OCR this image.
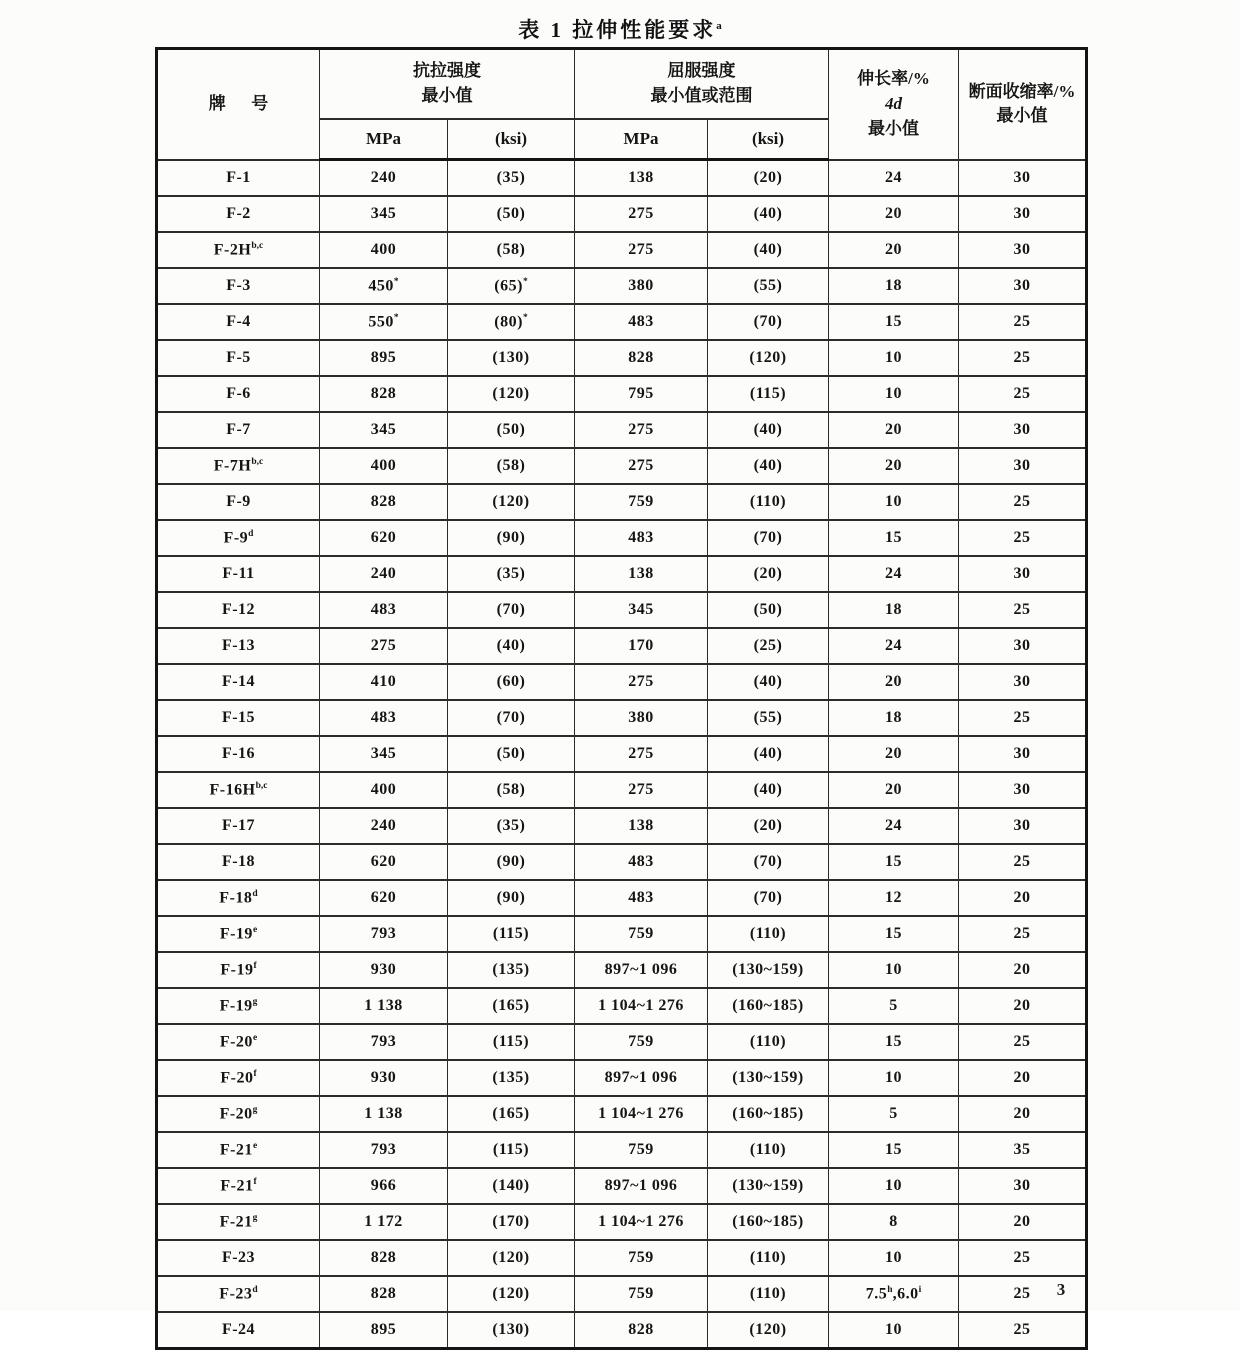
表 1 拉伸性能要求$^a$
牌      号	
抗拉强度
最小值

屈服强度
最小值或范围

伸长率/%
4d
最小值

断面收缩率/%
最小值

	MPa	(ksi)	MPa	(ksi)		
F-1	240	(35)	138	(20)	24	30
F-2	345	(50)	275	(40)	20	30
$F-2H^{b,c}$	400	(58)	275	(40)	20	30
F-3	450*	(65)*	380	(55)	18	30
F-4	550*	(80)*	483	(70)	15	25
F-5	895	(130)	828	(120)	10	25
F-6	828	(120)	795	(115)	10	25
F-7	345	(50)	275	(40)	20	30
$F-7H^{b,c}$	400	(58)	275	(40)	20	30
F-9	828	(120)	759	(110)	10	25
F-9$^d$	620	(90)	483	(70)	15	25
F-11	240	(35)	138	(20)	24	30
F-12	483	(70)	345	(50)	18	25
F-13	275	(40)	170	(25)	24	30
F-14	410	(60)	275	(40)	20	30
F-15	483	(70)	380	(55)	18	25
F-16	345	(50)	275	(40)	20	30
$F-16H^{b,c}$	400	(58)	275	(40)	20	30
F-17	240	(35)	138	(20)	24	30
F-18	620	(90)	483	(70)	15	25
F-18$^d$	620	(90)	483	(70)	12	20
F-19e	793	(115)	759	(110)	15	25
F-19$^f$	930	(135)	897~1 096	(130~159)	10	20
F-19$^g$	1 138	(165)	1 104~1 276	(160~185)	5	20
F-20e	793	(115)	759	(110)	15	25
F-20$^f$	930	(135)	897~1 096	(130~159)	10	20
F-20$^g$	1 138	(165)	1 104~1 276	(160~185)	5	20
F-21e	793	(115)	759	(110)	15	35
F-21$^f$	966	(140)	897~1 096	(130~159)	10	30
F-21$^g$	1 172	(170)	1 104~1 276	(160~185)	8	20
F-23	828	(120)	759	(110)	10	25
F-23$^d$	828	(120)	759	(110)	7.5$^h$,6.0$^i$	25
F-24	895	(130)	828	(120)	10	25
3
